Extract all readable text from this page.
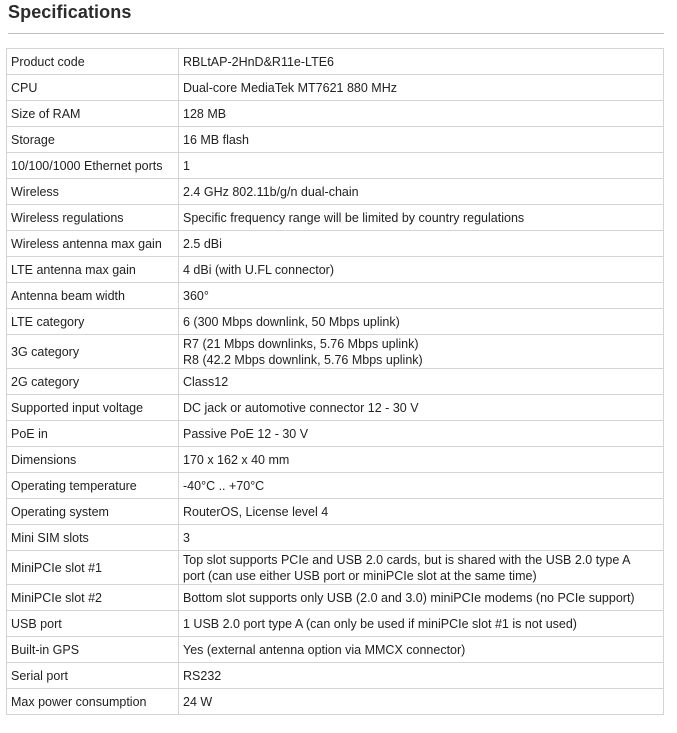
Specifications
Product code	RBLtAP-2HnD&R11e-LTE6

CPU	Dual-core MediaTek MT7621 880 MHz

Size of RAM	128 MB

Storage	16 MB flash

10/100/1000 Ethernet ports	1

Wireless	2.4 GHz 802.11b/g/n dual-chain

Wireless regulations	Specific frequency range will be limited by country regulations

Wireless antenna max gain	2.5 dBi

LTE antenna max gain	4 dBi (with U.FL connector)

Antenna beam width	360°

LTE category	6 (300 Mbps downlink, 50 Mbps uplink)

3G category	R7 (21 Mbps downlinks, 5.76 Mbps uplink)
R8 (42.2 Mbps downlink, 5.76 Mbps uplink)

2G category	Class12

Supported input voltage	DC jack or automotive connector 12 - 30 V

PoE in	Passive PoE 12 - 30 V

Dimensions	170 x 162 x 40 mm

Operating temperature	-40°C .. +70°C

Operating system	RouterOS, License level 4

Mini SIM slots	3

MiniPCIe slot #1	Top slot supports PCIe and USB 2.0 cards, but is shared with the USB 2.0 type A
port (can use either USB port or miniPCIe slot at the same time)

MiniPCIe slot #2	Bottom slot supports only USB (2.0 and 3.0) miniPCIe modems (no PCIe support)

USB port	1 USB 2.0 port type A (can only be used if miniPCIe slot #1 is not used)

Built-in GPS	Yes (external antenna option via MMCX connector)

Serial port	RS232

Max power consumption	24 W
